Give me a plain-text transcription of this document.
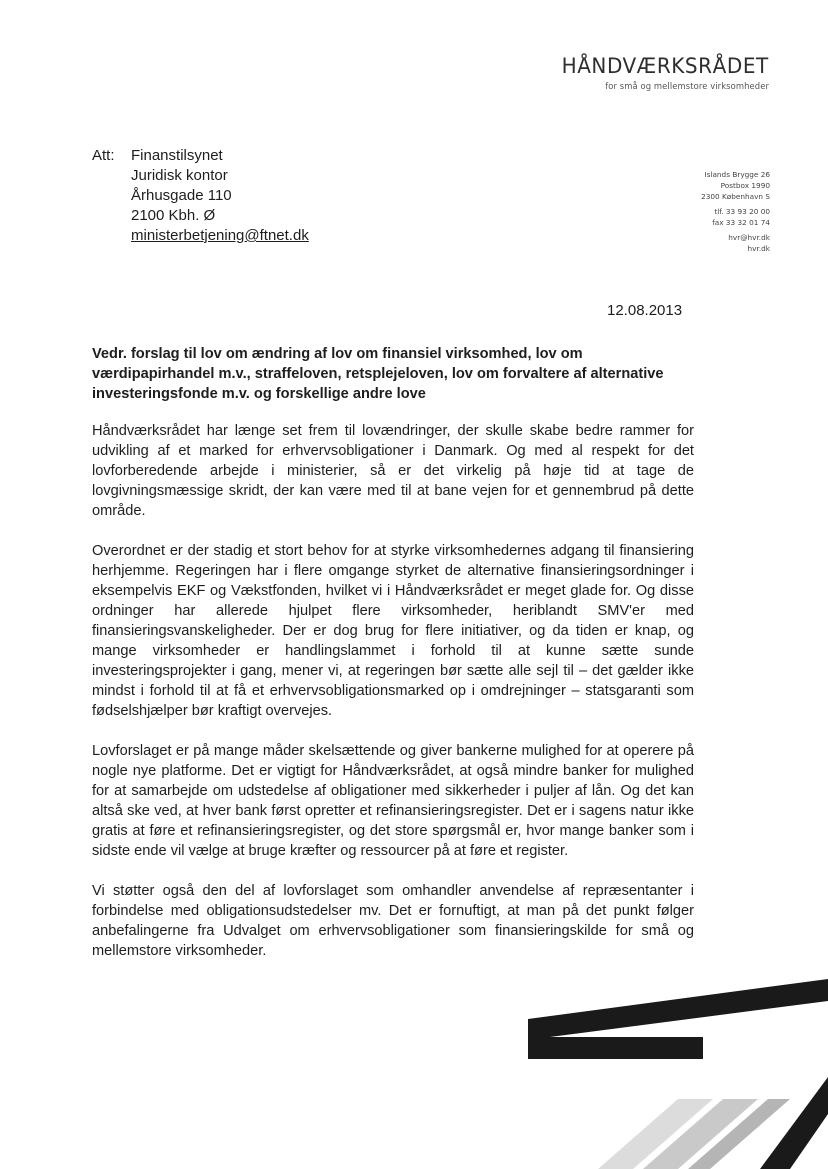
HÅNDVÆRKSRÅDET
for små og mellemstore virksomheder
Islands Brygge 26
Postbox 1990
2300 København S
tlf. 33 93 20 00
fax 33 32 01 74
hvr@hvr.dk
hvr.dk
Att:	Finanstilsynet
Juridisk kontor
Århusgade 110
2100 Kbh. Ø
ministerbetjening@ftnet.dk
12.08.2013
Vedr. forslag til lov om ændring af lov om finansiel virksomhed, lov om værdipapirhandel m.v., straffeloven, retsplejeloven, lov om forvaltere af alternative investeringsfonde m.v. og forskellige andre love

Håndværksrådet har længe set frem til lovændringer, der skulle skabe bedre rammer for udvikling af et marked for erhvervsobligationer i Danmark. Og med al respekt for det lovforberedende arbejde i ministerier, så er det virkelig på høje tid at tage de lovgivningsmæssige skridt, der kan være med til at bane vejen for et gennembrud på dette område.

Overordnet er der stadig et stort behov for at styrke virksomhedernes adgang til finansiering herhjemme. Regeringen har i flere omgange styrket de alternative finansieringsordninger i eksempelvis EKF og Vækstfonden, hvilket vi i Håndværksrådet er meget glade for. Og disse ordninger har allerede hjulpet flere virksomheder, heriblandt SMV'er med finansieringsvanskeligheder. Der er dog brug for flere initiativer, og da tiden er knap, og mange virksomheder er handlingslammet i forhold til at kunne sætte sunde investeringsprojekter i gang, mener vi, at regeringen bør sætte alle sejl til – det gælder ikke mindst i forhold til at få et erhvervsobligationsmarked op i omdrejninger – statsgaranti som fødselshjælper bør kraftigt overvejes.

Lovforslaget er på mange måder skelsættende og giver bankerne mulighed for at operere på nogle nye platforme. Det er vigtigt for Håndværksrådet, at også mindre banker for mulighed for at samarbejde om udstedelse af obligationer med sikkerheder i puljer af lån. Og det kan altså ske ved, at hver bank først opretter et refinansieringsregister. Det er i sagens natur ikke gratis at føre et refinansieringsregister, og det store spørgsmål er, hvor mange banker som i sidste ende vil vælge at bruge kræfter og ressourcer på at føre et register.

Vi støtter også den del af lovforslaget som omhandler anvendelse af repræsentanter i forbindelse med obligationsudstedelser mv. Det er fornuftigt, at man på det punkt følger anbefalingerne fra Udvalget om erhvervsobligationer som finansieringskilde for små og mellemstore virksomheder.
